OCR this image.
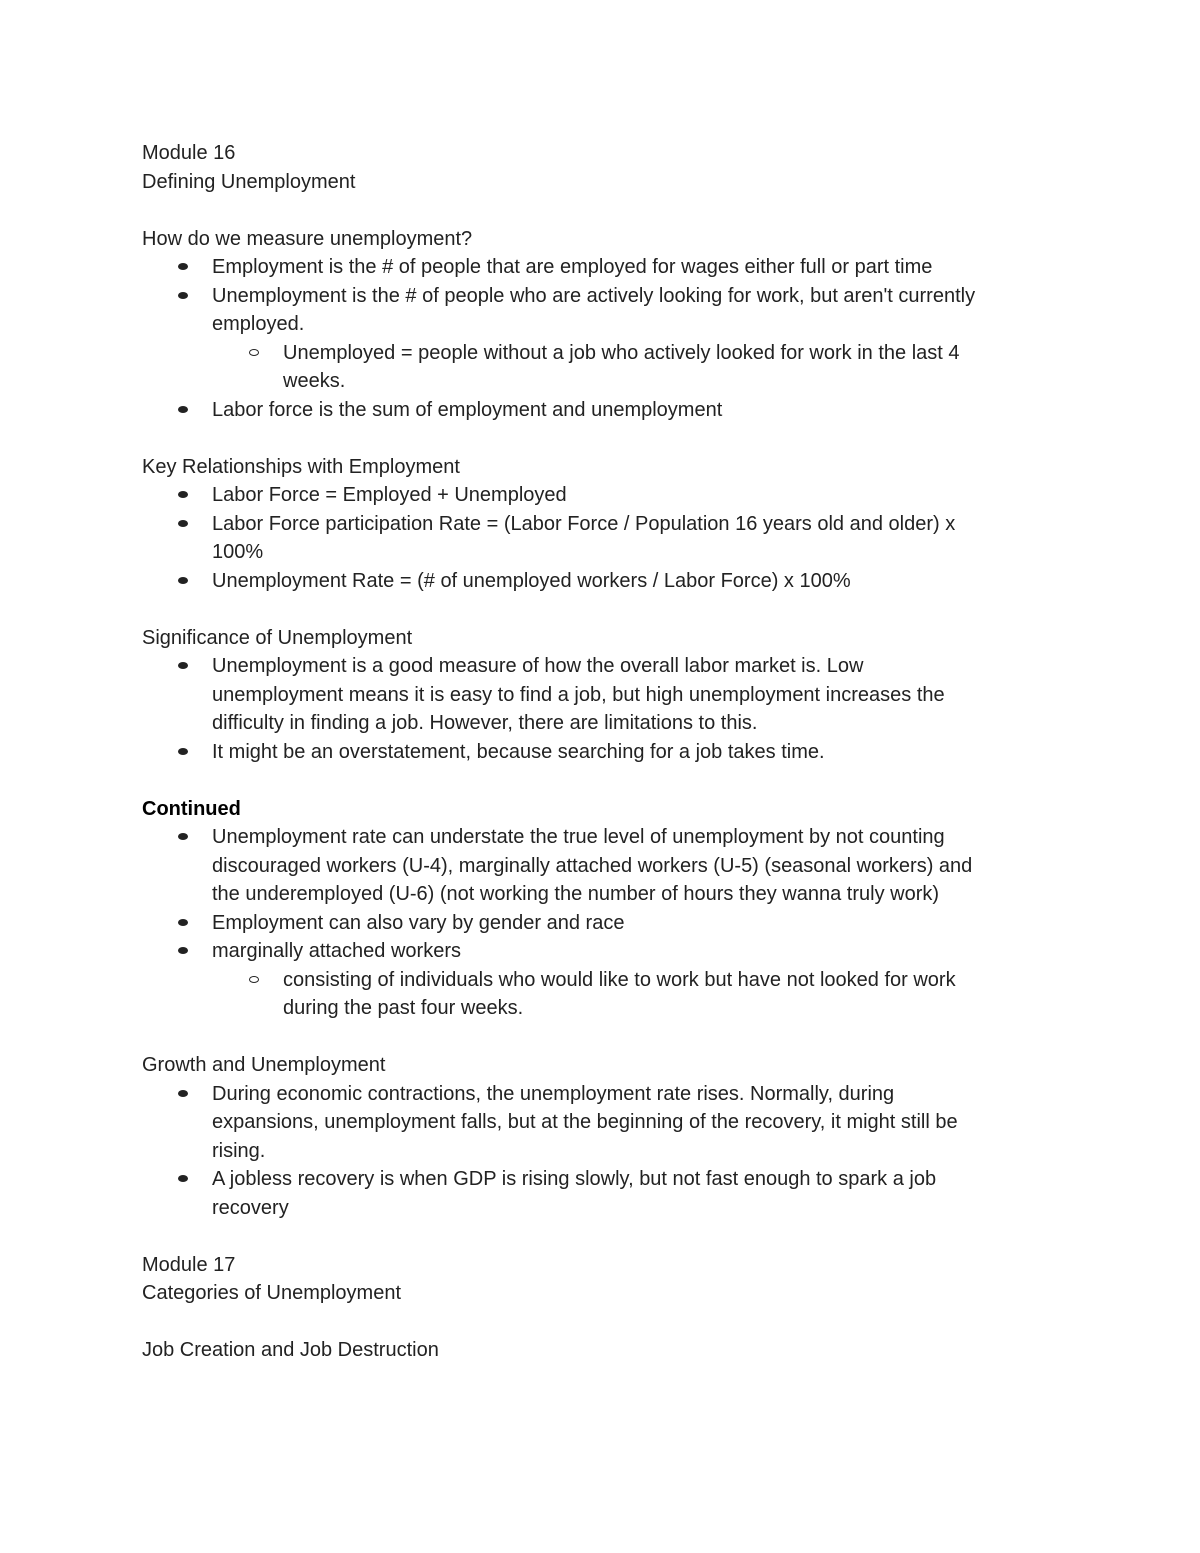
Module 16

Defining Unemployment

How do we measure unemployment?

Employment is the # of people that are employed for wages either full or part time
Unemployment is the # of people who are actively looking for work, but aren't currently
employed.
Unemployed = people without a job who actively looked for work in the last 4
weeks.
Labor force is the sum of employment and unemployment

Key Relationships with Employment

Labor Force = Employed + Unemployed
Labor Force participation Rate = (Labor Force / Population 16 years old and older) x
100%
Unemployment Rate = (# of unemployed workers / Labor Force) x 100%

Significance of Unemployment

Unemployment is a good measure of how the overall labor market is. Low
unemployment means it is easy to find a job, but high unemployment increases the
difficulty in finding a job. However, there are limitations to this.
It might be an overstatement, because searching for a job takes time.

Continued

Unemployment rate can understate the true level of unemployment by not counting
discouraged workers (U-4), marginally attached workers (U-5) (seasonal workers) and
the underemployed (U-6) (not working the number of hours they wanna truly work)
Employment can also vary by gender and race
marginally attached workers
consisting of individuals who would like to work but have not looked for work
during the past four weeks.

Growth and Unemployment

During economic contractions, the unemployment rate rises. Normally, during
expansions, unemployment falls, but at the beginning of the recovery, it might still be
rising.
A jobless recovery is when GDP is rising slowly, but not fast enough to spark a job
recovery

Module 17

Categories of Unemployment

Job Creation and Job Destruction
